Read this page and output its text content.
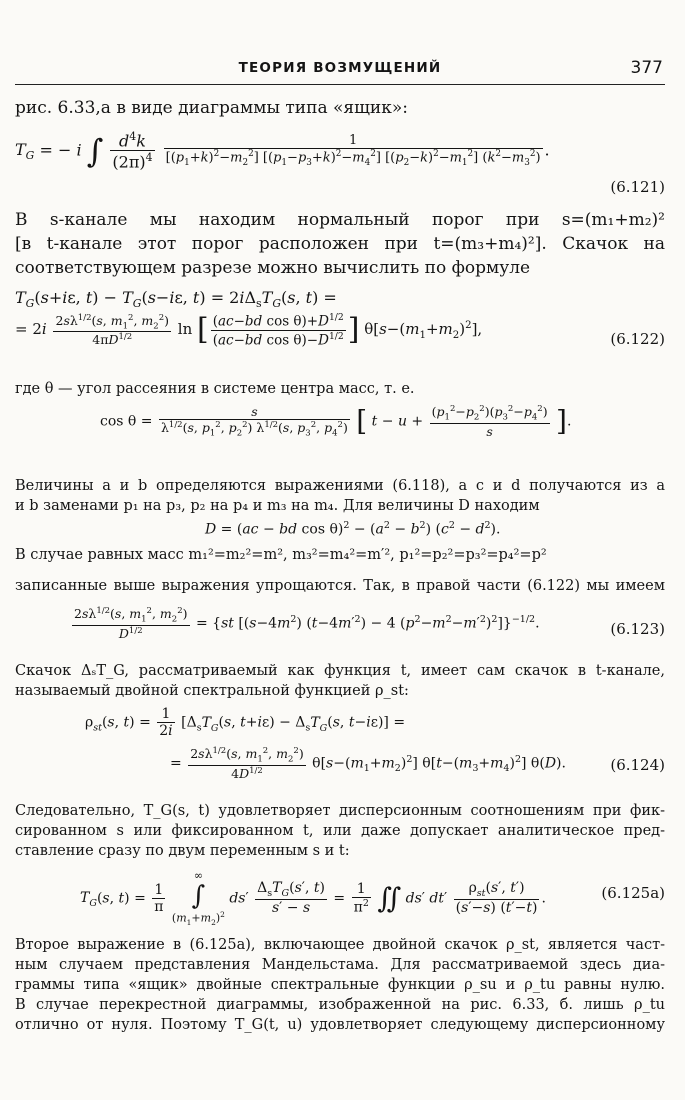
ТЕОРИЯ ВОЗМУЩЕНИЙ	377
рис. 6.33,a в виде диаграммы типа «ящик»:
$T_G$ = − i ∫ $\frac{d^4k}{(2\pi)^4}$
$\frac{1}{[(p_1+k)^2-m_2^2] [(p_1-p_3+k)^2-m_4^2] [(p_2-k)^2-m_1^2] (k^2-m_3^2)}$ .
(6.121)
В s-канале мы находим нормальный порог при s=(m₁+m₂)²
[в t-канале этот порог расположен при t=(m₃+m₄)²]. Скачок на
соответствующем разрезе можно вычислить по формуле
$T_G(s+i\varepsilon$, $t) - T_G(s-i\varepsilon$, $t) = 2i\Delta_sT_G(s$, t) =
= $2i \frac{2s\lambda^{1/2}(s, m_1^2, m_2^2)}{4\pi D^{1/2}}$ ln [ $\frac{(ac-bd \cos \theta)+D^{1/2}}{(ac-bd \cos \theta)-D^{1/2}}$ ] $\theta[s-(m_1+m_2)^2]$,
(6.122)
где θ — угол рассеяния в системе центра масс, т. е.
$\cos \theta = \frac{s}{\lambda^{1/2}(s, p_1^2, p_2^2) \lambda^{1/2}(s, p_3^2, p_4^2)}$ [ $t - u + \frac{(p_1^2-p_2^2)(p_3^2-p_4^2)}{s}$ ].
Величины a и b определяются выражениями (6.118), а c и d получаются из a
и b заменами p₁ на p₃, p₂ на p₄ и m₃ на m₄. Для величины D находим
D = (ac − bd $\cos \theta)^2 - (a^2 - b^2) (c^2 - d^2)$.
В случае равных масс m₁²=m₂²=m², m₃²=m₄²=m′², p₁²=p₂²=p₃²=p₄²=p²
записанные выше выражения упрощаются. Так, в правой части (6.122) мы имеем
$\frac{2s\lambda^{1/2}(s, m_1^2, m_2^2)}{D^{1/2}} = \{st$ [$(s-4m^2) (t-4m'^2) - 4$ $(p^2-m^2-m'^2)^2]\}^{-1/2}$.	(6.123)
Скачок ΔₛT_G, рассматриваемый как функция t, имеет сам скачок в t-канале,
называемый двойной спектральной функцией ρ_st:
$\rho_{st}(s$, $t) = \frac{1}{2i} [\Delta_sT_G(s$, $t+i\varepsilon) - \Delta_sT_G(s$, t−iε)] =
= $\frac{2s\lambda^{1/2}(s, m_1^2, m_2^2)}{4D^{1/2}} \theta[s-(m_1+m_2)^2]$ $\theta[t-(m_3+m_4)^2]$ θ(D).	(6.124)
Следовательно, T_G(s, t) удовлетворяет дисперсионным соотношениям при фик-
сированном s или фиксированном t, или даже допускает аналитическое пред-
ставление сразу по двум переменным s и t:
$T_G(s$, $t) = \frac{1}{\pi}$
∞
∫
$(m_1+m_2)^2$ $ds' \frac{\Delta_sT_G(s', t)}{s' - s} = \frac{1}{\pi^2}$ ∬ ds′ $dt' \frac{\rho_{st}(s', t')}{(s'-s) (t'-t)}$ .	(6.125a)
Второе выражение в (6.125a), включающее двойной скачок ρ_st, является част-
ным случаем представления Мандельстама. Для рассматриваемой здесь диа-
граммы типа «ящик» двойные спектральные функции ρ_su и ρ_tu равны нулю.
В случае перекрестной диаграммы, изображенной на рис. 6.33, б. лишь ρ_tu
отлично от нуля. Поэтому T_G(t, u) удовлетворяет следующему дисперсионному
